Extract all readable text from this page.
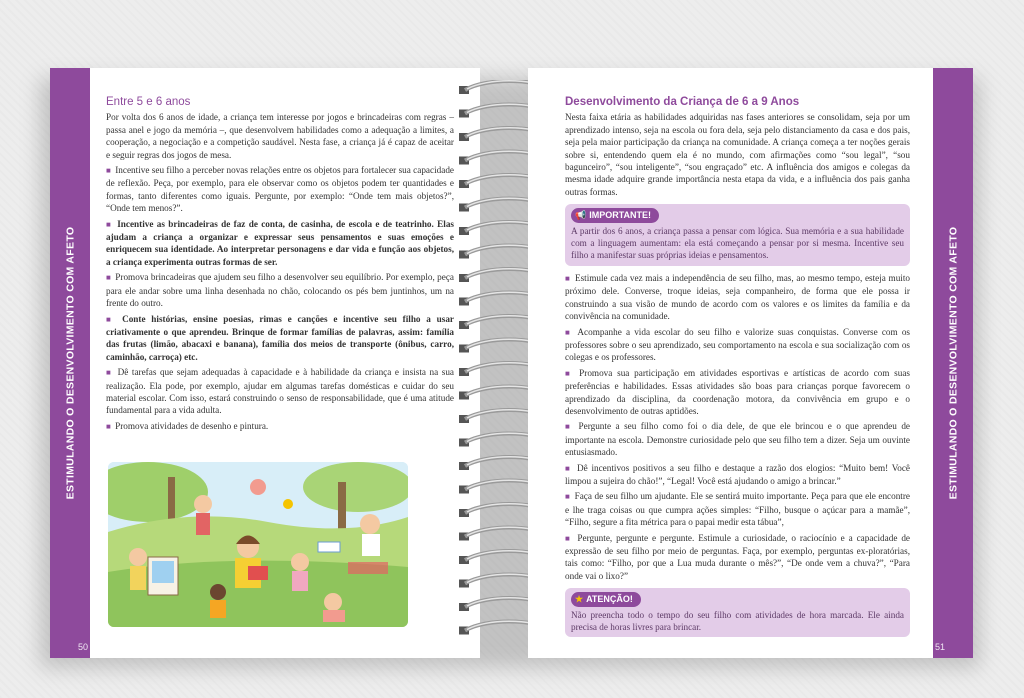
ESTIMULANDO O DESENVOLVIMENTO COM AFETO
50
Entre 5 e 6 anos

Por volta dos 6 anos de idade, a criança tem interesse por jogos e brincadeiras com regras – passa anel e jogo da memória –, que desenvolvem habilidades como a adequação a limites, a cooperação, a negociação e a competição saudável. Nesta fase, a criança já é capaz de aceitar e seguir regras dos jogos de mesa.

■ Incentive seu filho a perceber novas relações entre os objetos para fortalecer sua capacidade de reflexão. Peça, por exemplo, para ele observar como os objetos podem ter quantidades e formas, tanto diferentes como iguais. Pergunte, por exemplo: “Onde tem mais objetos?”, “Onde tem menos?”.

■ Incentive as brincadeiras de faz de conta, de casinha, de escola e de teatrinho. Elas ajudam a criança a organizar e expressar seus pensamentos e suas emoções e enriquecem sua identidade. Ao interpretar personagens e dar vida e função aos objetos, a criança experimenta outras formas de ser.

■ Promova brincadeiras que ajudem seu filho a desenvolver seu equilíbrio. Por exemplo, peça para ele andar sobre uma linha desenhada no chão, colocando os pés bem juntinhos, um na frente do outro.

■ Conte histórias, ensine poesias, rimas e canções e incentive seu filho a usar criativamente o que aprendeu. Brinque de formar famílias de palavras, assim: família das frutas (limão, abacaxi e banana), família dos meios de transporte (ônibus, carro, caminhão, carroça) etc.

■ Dê tarefas que sejam adequadas à capacidade e à habilidade da criança e insista na sua realização. Ela pode, por exemplo, ajudar em algumas tarefas domésticas e cuidar do seu material escolar. Com isso, estará construindo o senso de responsabilidade, que é uma atitude fundamental para a vida adulta.

■ Promova atividades de desenho e pintura.	ESTIMULANDO O DESENVOLVIMENTO COM AFETO
51
Desenvolvimento da Criança de 6 a 9 Anos

Nesta faixa etária as habilidades adquiridas nas fases anteriores se consolidam, seja por um aprendizado intenso, seja na escola ou fora dela, seja pelo distanciamento da casa e dos pais, seja pela maior participação da criança na comunidade. A criança começa a ter noções gerais sobre si, entendendo quem ela é no mundo, com afirmações como “sou legal”, “sou bagunceiro”, “sou inteligente”, “sou engraçado” etc. A influência dos amigos e colegas da mesma idade adquire grande importância nesta etapa da vida, e a influência dos pais ganha outras formas.

📢 IMPORTANTE!

A partir dos 6 anos, a criança passa a pensar com lógica. Sua memória e a sua habilidade com a linguagem aumentam: ela está começando a pensar por si mesma. Incentive seu filho a manifestar suas próprias ideias e pensamentos.

■ Estimule cada vez mais a independência de seu filho, mas, ao mesmo tempo, esteja muito próximo dele. Converse, troque ideias, seja companheiro, de forma que ele possa ir construindo a sua visão de mundo de acordo com os valores e os limites da família e da convivência na comunidade.

■ Acompanhe a vida escolar do seu filho e valorize suas conquistas. Converse com os professores sobre o seu aprendizado, seu comportamento na escola e sua socialização com os colegas e os professores.

■ Promova sua participação em atividades esportivas e artísticas de acordo com suas preferências e habilidades. Essas atividades são boas para crianças porque favorecem o aprendizado da disciplina, da coordenação motora, da convivência em grupo e o desenvolvimento de outras aptidões.

■ Pergunte a seu filho como foi o dia dele, de que ele brincou e o que aprendeu de importante na escola. Demonstre curiosidade pelo que seu filho tem a dizer. Seja um ouvinte entusiasmado.

■ Dê incentivos positivos a seu filho e destaque a razão dos elogios: “Muito bem! Você limpou a sujeira do chão!”, “Legal! Você está ajudando o amigo a brincar.”

■ Faça de seu filho um ajudante. Ele se sentirá muito importante. Peça para que ele encontre e lhe traga coisas ou que cumpra ações simples: “Filho, busque o açúcar para a mamãe”, “Filho, segure a fita métrica para o papai medir esta tábua”,

■ Pergunte, pergunte e pergunte. Estimule a curiosidade, o raciocínio e a capacidade de expressão de seu filho por meio de perguntas. Faça, por exemplo, perguntas ex-ploratórias, tais como: “Filho, por que a Lua muda durante o mês?”, “De onde vem a chuva?”, “Para onde vai o lixo?”

★ ATENÇÃO!

Não preencha todo o tempo do seu filho com atividades de hora marcada. Ele ainda precisa de horas livres para brincar.
